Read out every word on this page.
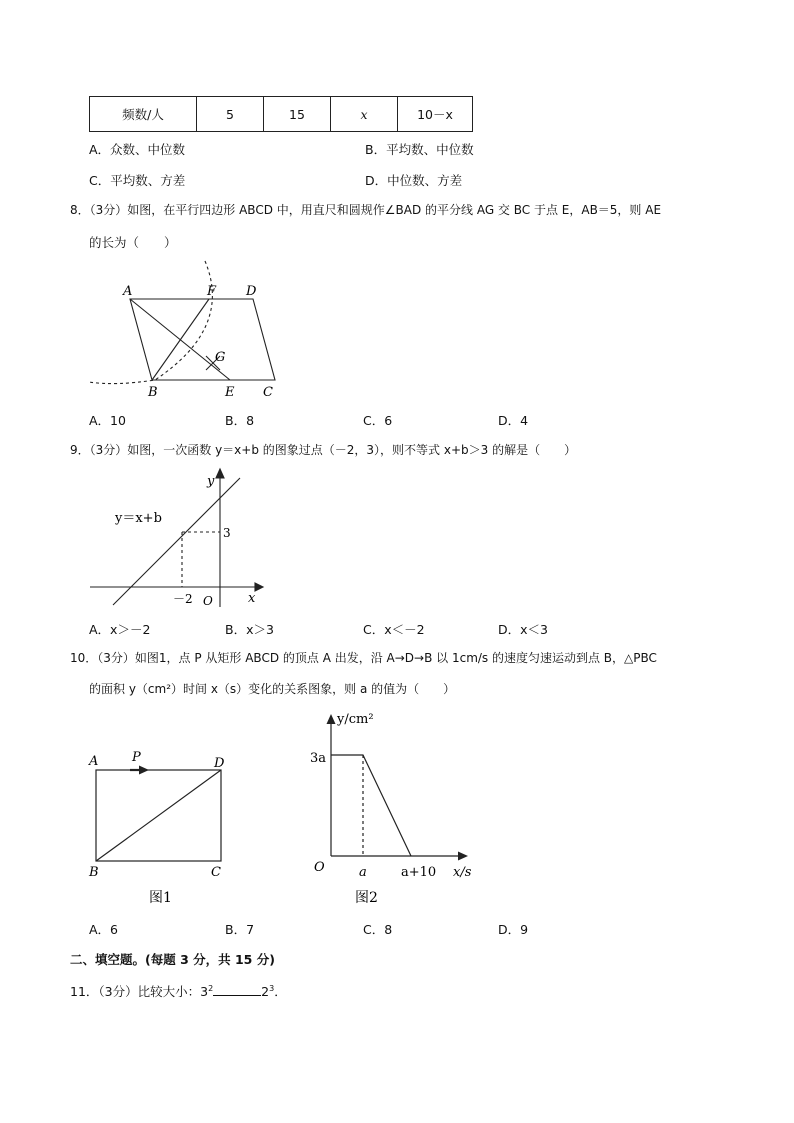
频数/人	5	15	x	10－x
A．众数、中位数	B．平均数、中位数
C．平均数、方差	D．中位数、方差
8．（3分）如图，在平行四边形 ABCD 中，用直尺和圆规作∠BAD 的平分线 AG 交 BC 于点 E，AB＝5，则 AE
的长为（　　）
A	D
F
G
B	E C
A．10	B．8	C．6	D．4
9．（3分）如图，一次函数 y＝x+b 的图象过点（－2，3），则不等式 x+b＞3 的解是（　　）
y＝x+b
y
x
3
－2 O
A．x＞－2	B．x＞3	C．x＜－2	D．x＜3
10．（3分）如图1，点 P 从矩形 ABCD 的顶点 A 出发，沿 A→D→B 以 1cm/s 的速度匀速运动到点 B，△PBC
的面积 y（cm²）时间 x（s）变化的关系图象，则 a 的值为（　　）
A	P	D
B	C
图1
y/cm²
3a
O	a	a+10 x/s
图2
A．6	B．7	C．8	D．9
二、填空题。(每题 3 分，共 15 分)
11．（3分）比较大小：$3^2$	$2^3$．
